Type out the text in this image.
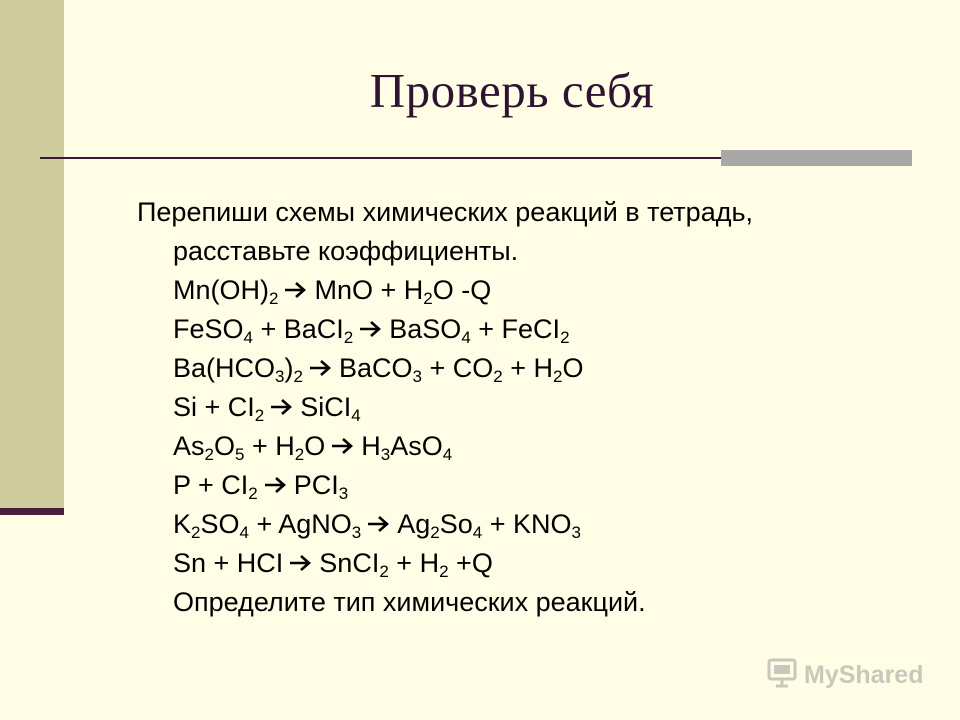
Проверь себя
Перепиши схемы химических реакций в тетрадь,
расставьте коэффициенты.
$Mn(OH)_2$ → MnO + $H_2O$ -Q
FeSO$_4$ + BaCI$_2$ → BaSO$_4$ + FeCI$_2$
$Ba(HCO_3)_2$ → BaCO$_3$ + $CO_2 + H_2O$
$Si + CI_2$ → SiCI$_4$
$As_2O_5 + H_2O \to H_3AsO_4$
$P + CI_2 \to PCI_3$
$K_2SO_4$ + AgNO$_3$ → $Ag_2So_4 + KNO_3$
Sn + HCI → SnCI$_2$ + $H_2 +Q$
Определите тип химических реакций.
MyShared
